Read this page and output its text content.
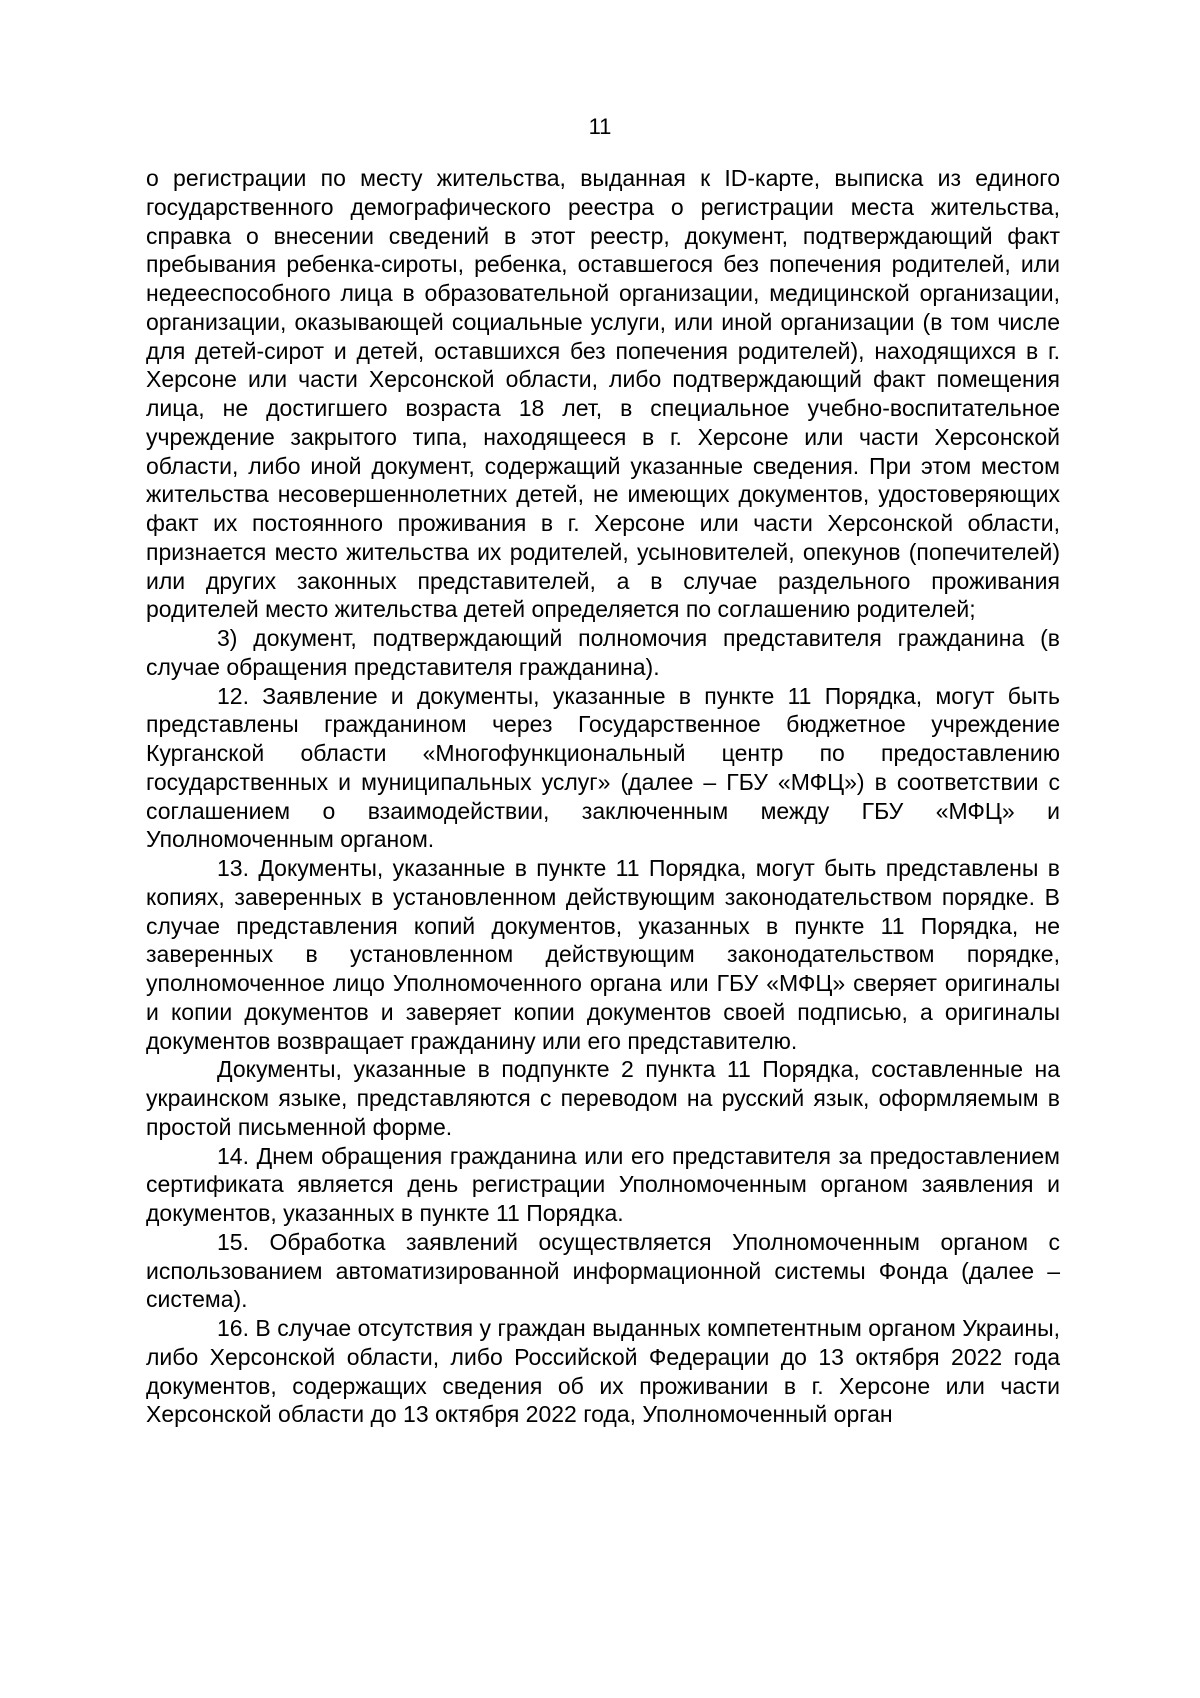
11

о регистрации по месту жительства, выданная к ID-карте, выписка из единого государственного демографического реестра о регистрации места жительства, справка о внесении сведений в этот реестр, документ, подтверждающий факт пребывания ребенка-сироты, ребенка, оставшегося без попечения родителей, или недееспособного лица в образовательной организации, медицинской организации, организации, оказывающей социальные услуги, или иной организации (в том числе для детей-сирот и детей, оставшихся без попечения родителей), находящихся в г. Херсоне или части Херсонской области, либо подтверждающий факт помещения лица, не достигшего возраста 18 лет, в специальное учебно-воспитательное учреждение закрытого типа, находящееся в г. Херсоне или части Херсонской области, либо иной документ, содержащий указанные сведения. При этом местом жительства несовершеннолетних детей, не имеющих документов, удостоверяющих факт их постоянного проживания в г. Херсоне или части Херсонской области, признается место жительства их родителей, усыновителей, опекунов (попечителей) или других законных представителей, а в случае раздельного проживания родителей место жительства детей определяется по соглашению родителей;

3) документ, подтверждающий полномочия представителя гражданина (в случае обращения представителя гражданина).

12. Заявление и документы, указанные в пункте 11 Порядка, могут быть представлены гражданином через Государственное бюджетное учреждение Курганской области «Многофункциональный центр по предоставлению государственных и муниципальных услуг» (далее – ГБУ «МФЦ») в соответствии с соглашением о взаимодействии, заключенным между ГБУ «МФЦ» и Уполномоченным органом.

13. Документы, указанные в пункте 11 Порядка, могут быть представлены в копиях, заверенных в установленном действующим законодательством порядке. В случае представления копий документов, указанных в пункте 11 Порядка, не заверенных в установленном действующим законодательством порядке, уполномоченное лицо Уполномоченного органа или ГБУ «МФЦ» сверяет оригиналы и копии документов и заверяет копии документов своей подписью, а оригиналы документов возвращает гражданину или его представителю.

Документы, указанные в подпункте 2 пункта 11 Порядка, составленные на украинском языке, представляются с переводом на русский язык, оформляемым в простой письменной форме.

14. Днем обращения гражданина или его представителя за предоставлением сертификата является день регистрации Уполномоченным органом заявления и документов, указанных в пункте 11 Порядка.

15. Обработка заявлений осуществляется Уполномоченным органом с использованием автоматизированной информационной системы Фонда (далее – система).

16. В случае отсутствия у граждан выданных компетентным органом Украины, либо Херсонской области, либо Российской Федерации до 13 октября 2022 года документов, содержащих сведения об их проживании в г. Херсоне или части Херсонской области до 13 октября 2022 года, Уполномоченный орган
